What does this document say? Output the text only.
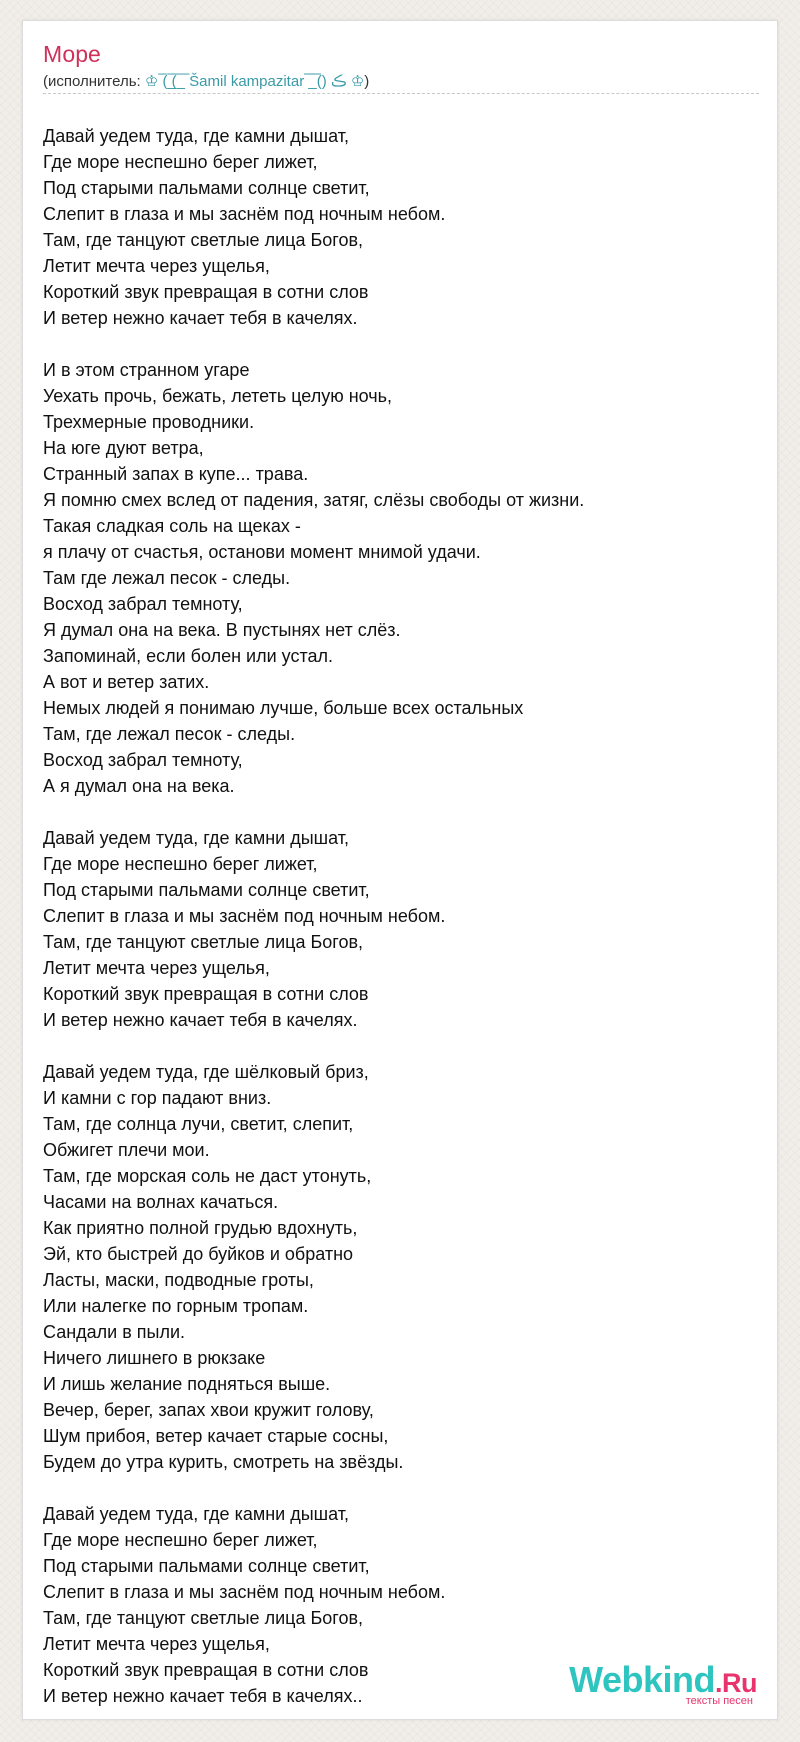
Море
(исполнитель: ♔ ̅( ̲̅(̅_̅ Šamil kampazitar ̅ ̲̅ ̅() ڪ ♔)
Давай уедем туда, где камни дышат,
Где море неспешно берег лижет,
Под старыми пальмами солнце светит,
Слепит в глаза и мы заснём под ночным небом.
Там, где танцуют светлые лица Богов,
Летит мечта через ущелья,
Короткий звук превращая в сотни слов
И ветер нежно качает тебя в качелях.
И в этом странном угаре
Уехать прочь, бежать, лететь целую ночь,
Трехмерные проводники.
На юге дуют ветра,
Странный запах в купе... трава.
Я помню смех вслед от падения, затяг, слёзы свободы от жизни.
Такая сладкая соль на щеках -
я плачу от счастья, останови момент мнимой удачи.
Там где лежал песок - следы.
Восход забрал темноту,
Я думал она на века. В пустынях нет слёз.
Запоминай, если болен или устал.
А вот и ветер затих.
Немых людей я понимаю лучше, больше всех остальных
Там, где лежал песок - следы.
Восход забрал темноту,
А я думал она на века.
Давай уедем туда, где камни дышат,
Где море неспешно берег лижет,
Под старыми пальмами солнце светит,
Слепит в глаза и мы заснём под ночным небом.
Там, где танцуют светлые лица Богов,
Летит мечта через ущелья,
Короткий звук превращая в сотни слов
И ветер нежно качает тебя в качелях.
Давай уедем туда, где шёлковый бриз,
И камни с гор падают вниз.
Там, где солнца лучи, светит, слепит,
Обжигет плечи мои.
Там, где морская соль не даст утонуть,
Часами на волнах качаться.
Как приятно полной грудью вдохнуть,
Эй, кто быстрей до буйков и обратно
Ласты, маски, подводные гроты,
Или налегке по горным тропам.
Сандали в пыли.
Ничего лишнего в рюкзаке
И лишь желание подняться выше.
Вечер, берег, запах хвои кружит голову,
Шум прибоя, ветер качает старые сосны,
Будем до утра курить, смотреть на звёзды.
Давай уедем туда, где камни дышат,
Где море неспешно берег лижет,
Под старыми пальмами солнце светит,
Слепит в глаза и мы заснём под ночным небом.
Там, где танцуют светлые лица Богов,
Летит мечта через ущелья,
Короткий звук превращая в сотни слов
И ветер нежно качает тебя в качелях..	Webkind.Ru
тексты песен
